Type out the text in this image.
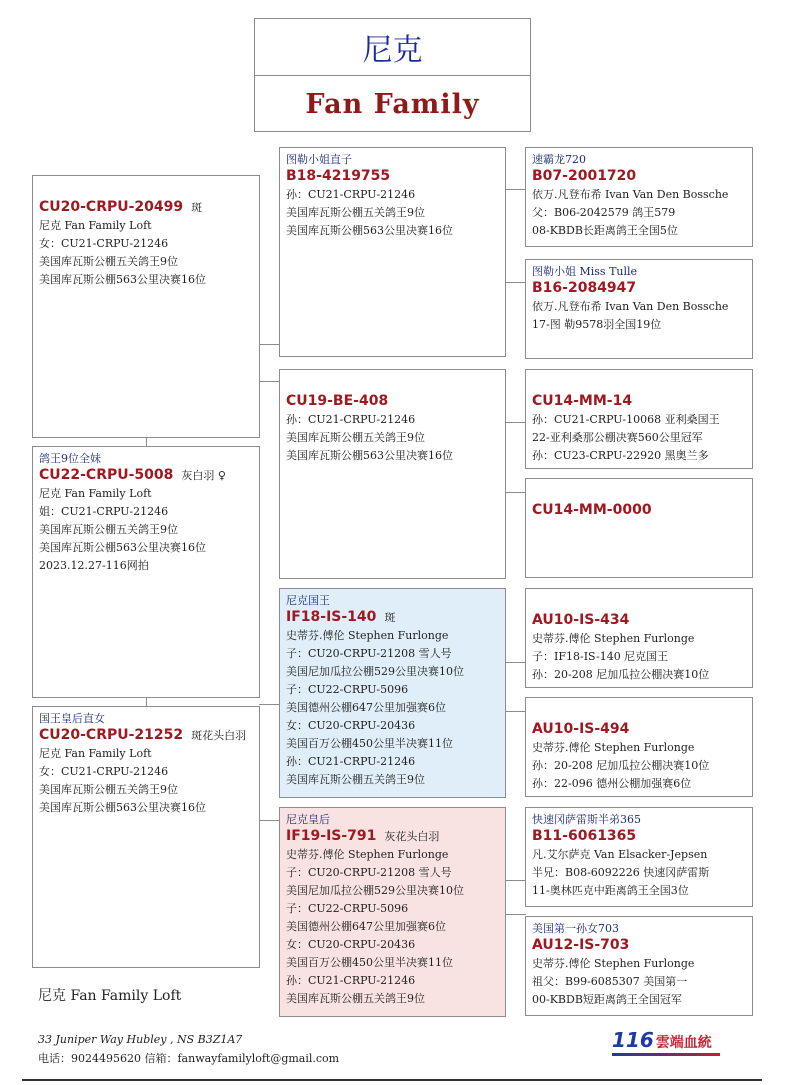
尼克
Fan Family
CU20-CRPU-20499 斑
尼克 Fan Family Loft
女：CU21-CRPU-21246
美国库瓦斯公棚五关鸽王9位
美国库瓦斯公棚563公里决赛16位
鸽王9位全妹
CU22-CRPU-5008 灰白羽 ♀
尼克 Fan Family Loft
姐：CU21-CRPU-21246
美国库瓦斯公棚五关鸽王9位
美国库瓦斯公棚563公里决赛16位
2023.12.27-116网拍
国王皇后直女
CU20-CRPU-21252 斑花头白羽
尼克 Fan Family Loft
女：CU21-CRPU-21246
美国库瓦斯公棚五关鸽王9位
美国库瓦斯公棚563公里决赛16位
图勒小姐直子
B18-4219755
孙：CU21-CRPU-21246
美国库瓦斯公棚五关鸽王9位
美国库瓦斯公棚563公里决赛16位
CU19-BE-408
孙：CU21-CRPU-21246
美国库瓦斯公棚五关鸽王9位
美国库瓦斯公棚563公里决赛16位
尼克国王
IF18-IS-140 斑
史蒂芬.傅伦 Stephen Furlonge
子：CU20-CRPU-21208 雪人号
美国尼加瓜拉公棚529公里决赛10位
子：CU22-CRPU-5096
美国德州公棚647公里加强赛6位
女：CU20-CRPU-20436
美国百万公棚450公里半决赛11位
孙：CU21-CRPU-21246
美国库瓦斯公棚五关鸽王9位
尼克皇后
IF19-IS-791 灰花头白羽
史蒂芬.傅伦 Stephen Furlonge
子：CU20-CRPU-21208 雪人号
美国尼加瓜拉公棚529公里决赛10位
子：CU22-CRPU-5096
美国德州公棚647公里加强赛6位
女：CU20-CRPU-20436
美国百万公棚450公里半决赛11位
孙：CU21-CRPU-21246
美国库瓦斯公棚五关鸽王9位
速霸龙720
B07-2001720
依万.凡登布希 Ivan Van Den Bossche
父：B06-2042579 鸽王579
08-KBDB长距离鸽王全国5位
图勒小姐 Miss Tulle
B16-2084947
依万.凡登布希 Ivan Van Den Bossche
17-图 勒9578羽全国19位
CU14-MM-14
孙：CU21-CRPU-10068 亚利桑国王
22-亚利桑那公棚决赛560公里冠军
孙：CU23-CRPU-22920 黑奥兰多
CU14-MM-0000
AU10-IS-434
史蒂芬.傅伦 Stephen Furlonge
子：IF18-IS-140 尼克国王
孙：20-208 尼加瓜拉公棚决赛10位
AU10-IS-494
史蒂芬.傅伦 Stephen Furlonge
孙：20-208 尼加瓜拉公棚决赛10位
孙：22-096 德州公棚加强赛6位
快速冈萨雷斯半弟365
B11-6061365
凡.艾尔萨克 Van Elsacker-Jepsen
半兄：B08-6092226 快速冈萨雷斯
11-奥林匹克中距离鸽王全国3位
美国第一孙女703
AU12-IS-703
史蒂芬.傅伦 Stephen Furlonge
祖父：B99-6085307 美国第一
00-KBDB短距离鸽王全国冠军
尼克 Fan Family Loft
33 Juniper Way Hubley , NS B3Z1A7
电话：9024495620 信箱：fanwayfamilyloft@gmail.com
116 雲端血統
